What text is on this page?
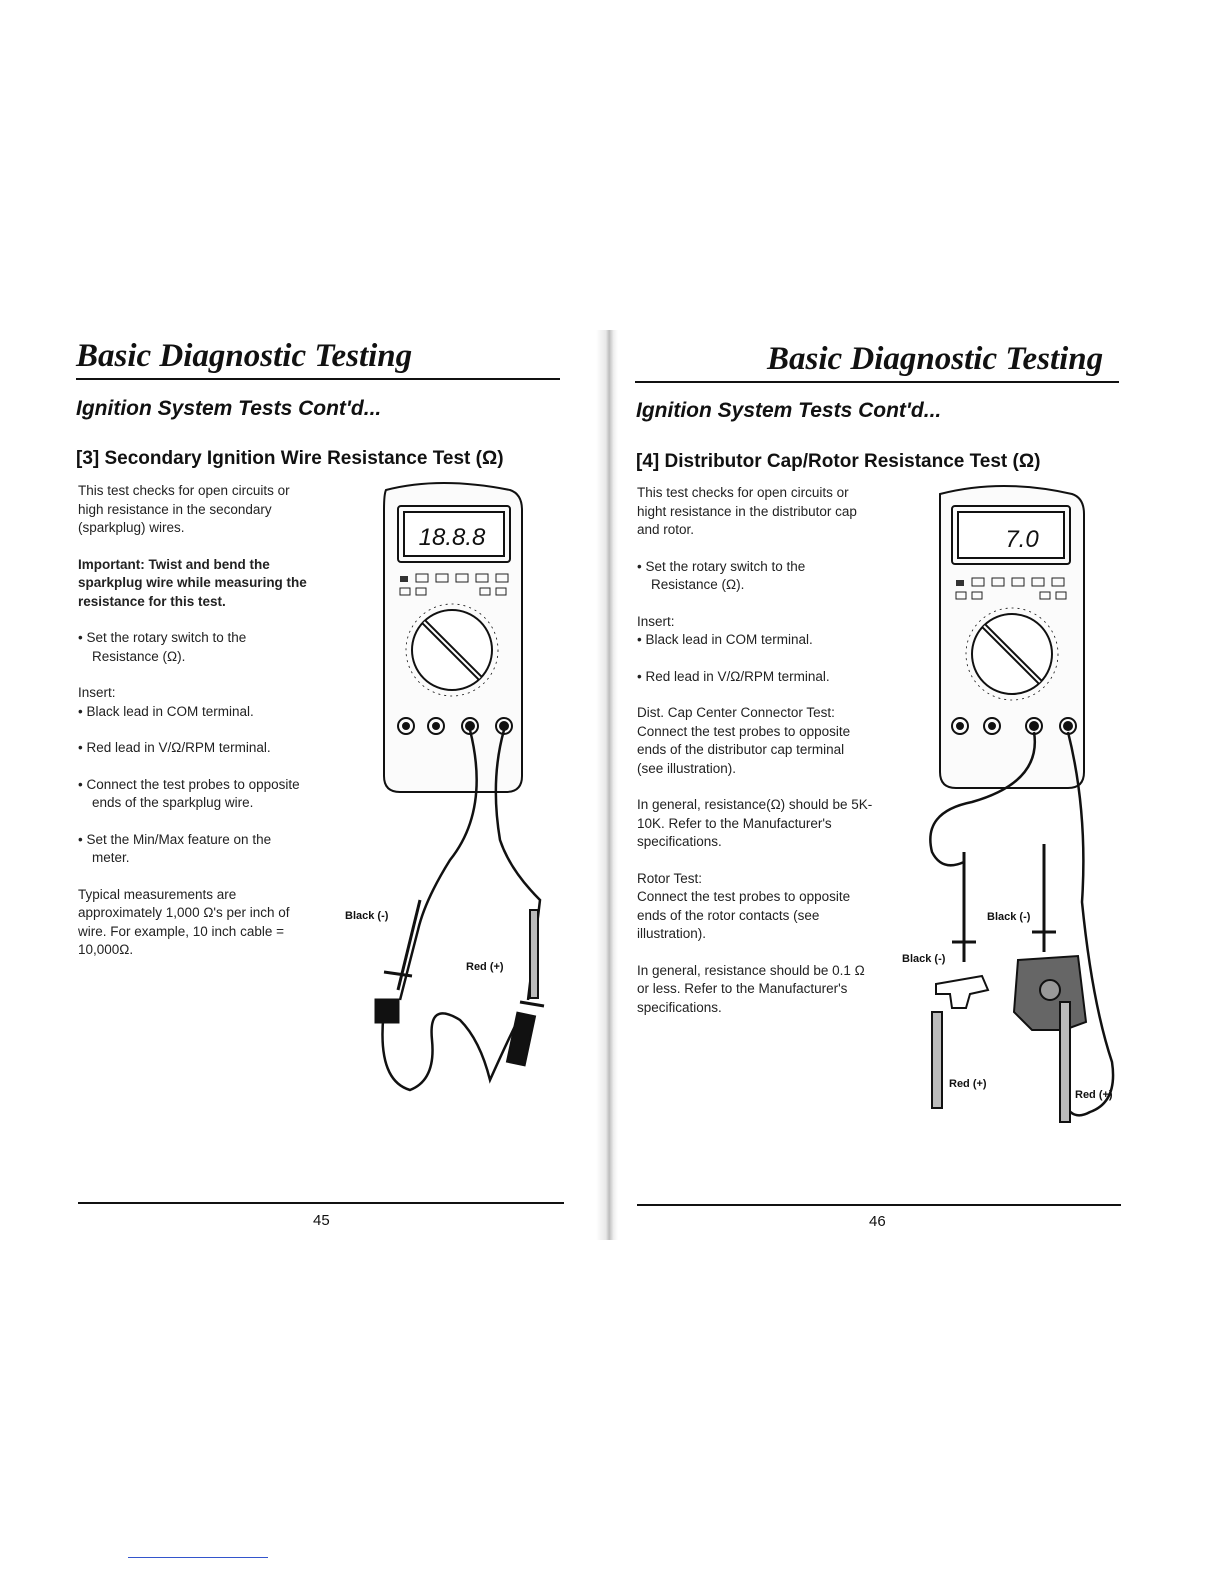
Basic Diagnostic Testing
Ignition System Tests Cont'd...
[3] Secondary Ignition Wire Resistance Test (Ω)

This test checks for open circuits or high resistance in the secondary (sparkplug) wires.

Important: Twist and bend the sparkplug wire while measuring the resistance for this test.

• Set the rotary switch to the Resistance (Ω).

Insert:

• Black lead in COM terminal.

• Red lead in V/Ω/RPM terminal.

• Connect the test probes to opposite ends of the sparkplug wire.

• Set the Min/Max feature on the meter.

Typical measurements are approximately 1,000 Ω's per inch of wire. For example, 10 inch cable = 10,000Ω.

18.8.8
Black (-)
Red (+)
45
Basic Diagnostic Testing
Ignition System Tests Cont'd...
[4] Distributor Cap/Rotor Resistance Test (Ω)

This test checks for open circuits or hight resistance in the distributor cap and rotor.

• Set the rotary switch to the Resistance (Ω).

Insert:

• Black lead in COM terminal.

• Red lead in V/Ω/RPM terminal.

Dist. Cap Center Connector Test:

Connect the test probes to opposite ends of the distributor cap terminal (see illustration).

In general, resistance(Ω) should be 5K-10K. Refer to the Manufacturer's specifications.

Rotor Test:

Connect the test probes to opposite ends of the rotor contacts (see illustration).

In general, resistance should be 0.1 Ω or less. Refer to the Manufacturer's specifications.

7.0
Black (-)
Black (-)
Red (+)
Red (+)
46
